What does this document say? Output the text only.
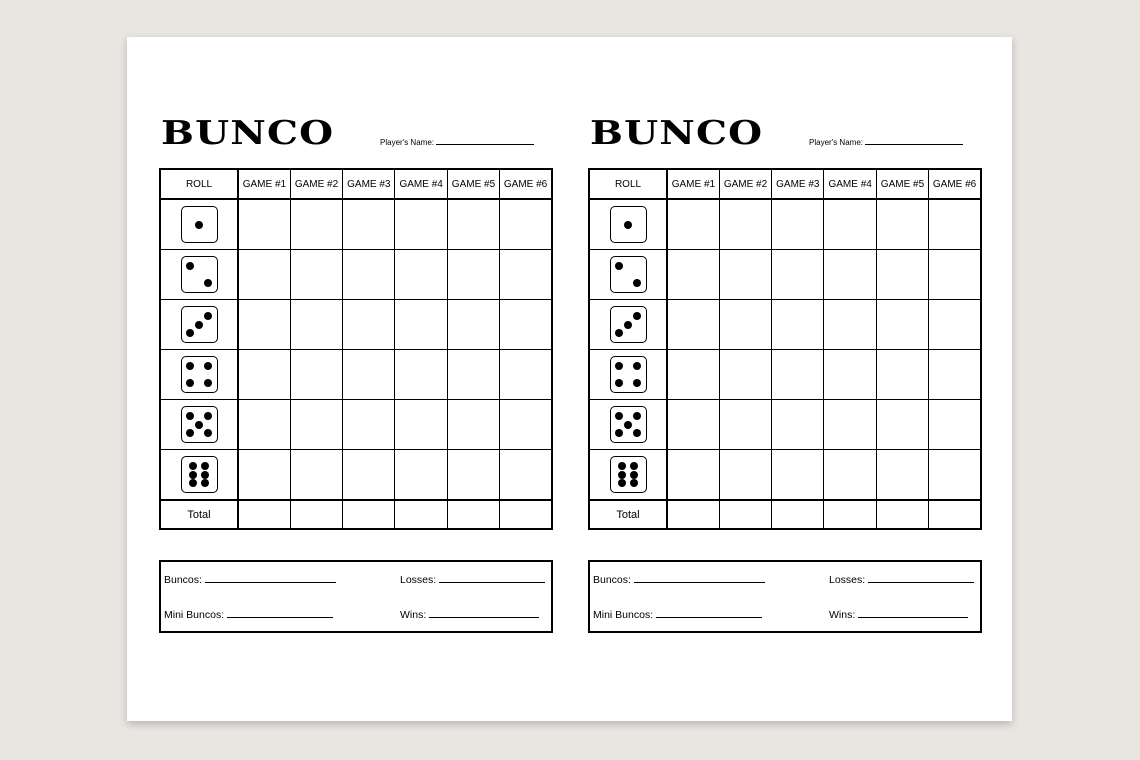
BUNCO	Player's Name:
ROLL	GAME #1	GAME #2	GAME #3	GAME #4	GAME #5	GAME #6

Total						
Buncos:	Losses:
Mini Buncos:	Wins:
BUNCO	Player's Name:
ROLL	GAME #1	GAME #2	GAME #3	GAME #4	GAME #5	GAME #6

Total						
Buncos:	Losses:
Mini Buncos:	Wins:
